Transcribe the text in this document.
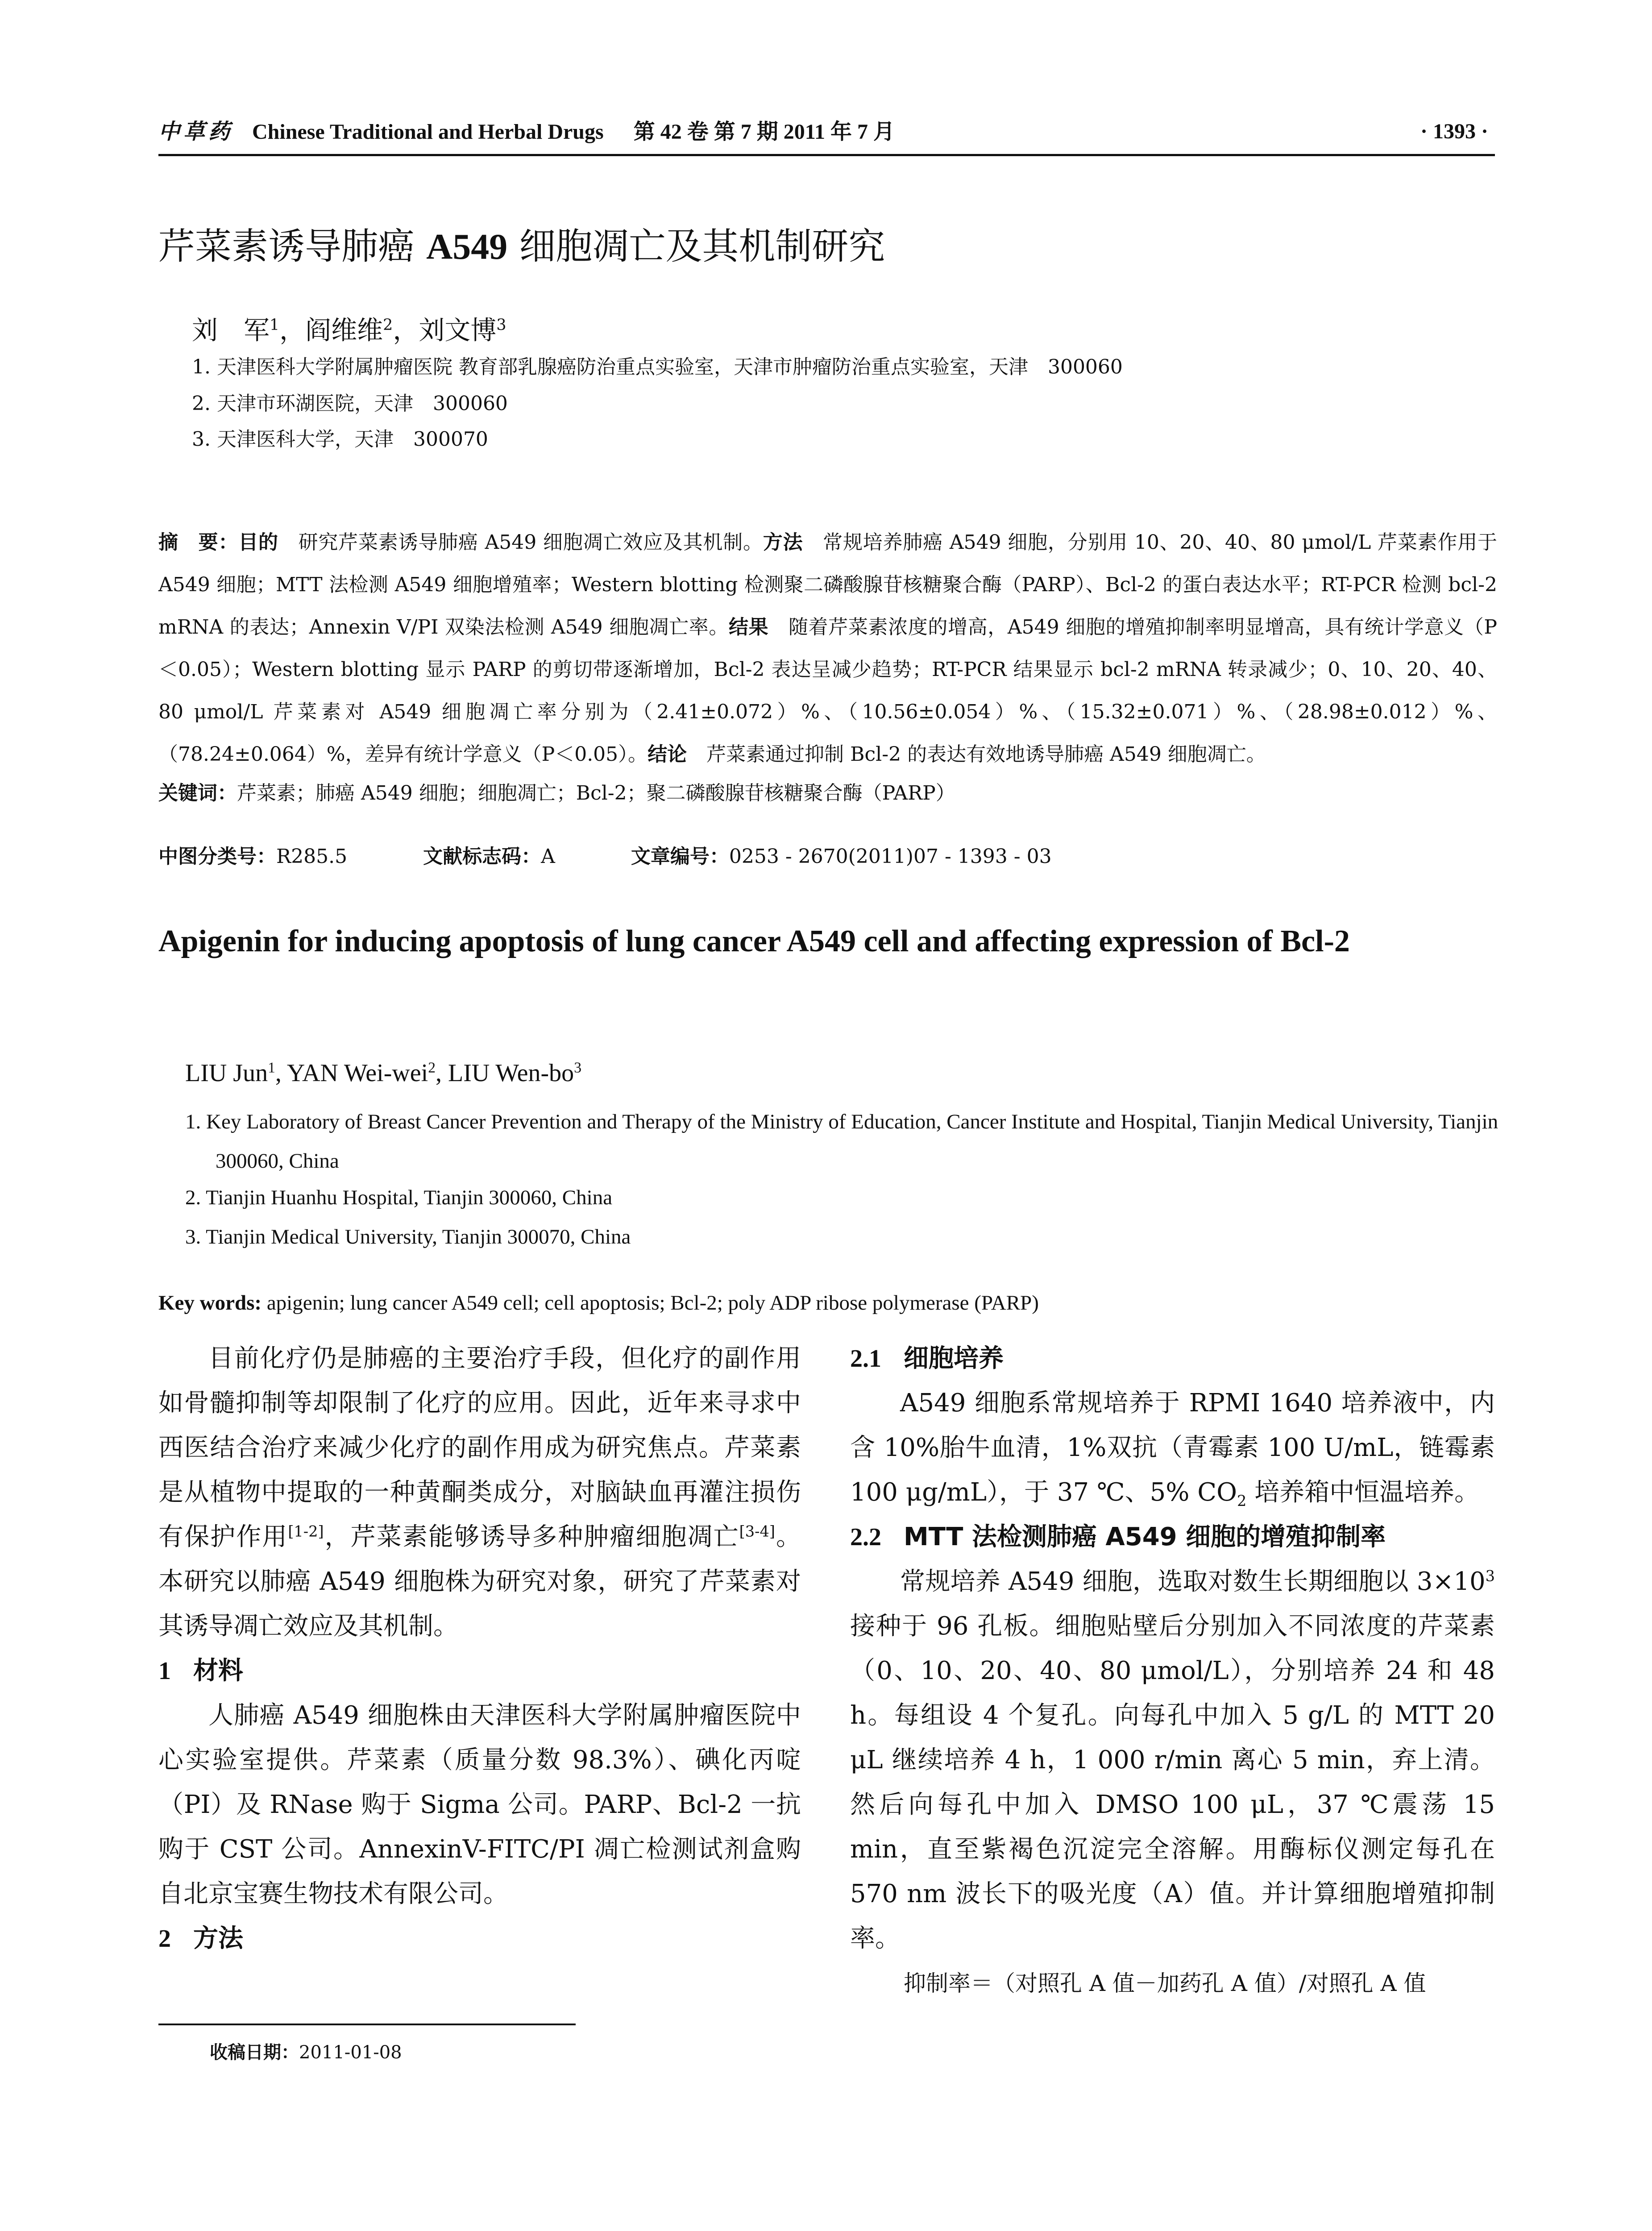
中草药 Chinese Traditional and Herbal Drugs 第 42 卷 第 7 期 2011 年 7 月	· 1393 ·
芹菜素诱导肺癌 A549 细胞凋亡及其机制研究
刘　军$^1$，阎维维$^2$，刘文博$^3$
1. 天津医科大学附属肿瘤医院 教育部乳腺癌防治重点实验室，天津市肿瘤防治重点实验室，天津　300060
2. 天津市环湖医院，天津　300060
3. 天津医科大学，天津　300070

摘　要：目的　研究芹菜素诱导肺癌 A549 细胞凋亡效应及其机制。方法　常规培养肺癌 A549 细胞，分别用 10、20、40、80 μmol/L 芹菜素作用于 A549 细胞；MTT 法检测 A549 细胞增殖率；Western blotting 检测聚二磷酸腺苷核糖聚合酶（PARP）、Bcl-2 的蛋白表达水平；RT-PCR 检测 bcl-2 mRNA 的表达；Annexin V/PI 双染法检测 A549 细胞凋亡率。结果　随着芹菜素浓度的增高，A549 细胞的增殖抑制率明显增高，具有统计学意义（P＜0.05）；Western blotting 显示 PARP 的剪切带逐渐增加，Bcl-2 表达呈减少趋势；RT-PCR 结果显示 bcl-2 mRNA 转录减少；0、10、20、40、80 μmol/L 芹菜素对 A549 细胞凋亡率分别为（2.41±0.072）%、（10.56±0.054）%、（15.32±0.071）%、（28.98±0.012）%、（78.24±0.064）%，差异有统计学意义（P＜0.05）。结论　芹菜素通过抑制 Bcl-2 的表达有效地诱导肺癌 A549 细胞凋亡。

关键词：芹菜素；肺癌 A549 细胞；细胞凋亡；Bcl-2；聚二磷酸腺苷核糖聚合酶（PARP）

中图分类号：R285.5	文献标志码：A	文章编号：0253 - 2670(2011)07 - 1393 - 03
Apigenin for inducing apoptosis of lung cancer A549 cell and affecting expression of Bcl-2
LIU Jun$^1$, YAN Wei-wei$^2$, LIU Wen-$bo^3$
1. Key Laboratory of Breast Cancer Prevention and Therapy of the Ministry of Education, Cancer Institute and Hospital, Tianjin Medical University, Tianjin 300060, China
2. Tianjin Huanhu Hospital, Tianjin 300060, China
3. Tianjin Medical University, Tianjin 300070, China
Key words: apigenin; lung cancer A549 cell; cell apoptosis; Bcl-2; poly ADP ribose polymerase (PARP)

目前化疗仍是肺癌的主要治疗手段，但化疗的副作用如骨髓抑制等却限制了化疗的应用。因此，近年来寻求中西医结合治疗来减少化疗的副作用成为研究焦点。芹菜素是从植物中提取的一种黄酮类成分，对脑缺血再灌注损伤有保护作用[1-2]，芹菜素能够诱导多种肿瘤细胞凋亡[3-4]。本研究以肺癌 A549 细胞株为研究对象，研究了芹菜素对其诱导凋亡效应及其机制。

1 材料

人肺癌 A549 细胞株由天津医科大学附属肿瘤医院中心实验室提供。芹菜素（质量分数 98.3%）、碘化丙啶（PI）及 RNase 购于 Sigma 公司。PARP、Bcl-2 一抗购于 CST 公司。AnnexinV-FITC/PI 凋亡检测试剂盒购自北京宝赛生物技术有限公司。

2 方法

2.1 细胞培养

A549 细胞系常规培养于 RPMI 1640 培养液中，内含 10%胎牛血清，1%双抗（青霉素 100 U/mL，链霉素 100 μg/mL），于 37 ℃、5% $CO_2$ 培养箱中恒温培养。

2.2 MTT 法检测肺癌 A549 细胞的增殖抑制率

常规培养 A549 细胞，选取对数生长期细胞以 $3\times 10^3$ 接种于 96 孔板。细胞贴壁后分别加入不同浓度的芹菜素（0、10、20、40、80 μmol/L），分别培养 24 和 48 h。每组设 4 个复孔。向每孔中加入 5 g/L 的 MTT 20 μL 继续培养 4 h，1 000 r/min 离心 5 min，弃上清。然后向每孔中加入 DMSO 100 μL，37 ℃震荡 15 min，直至紫褐色沉淀完全溶解。用酶标仪测定每孔在 570 nm 波长下的吸光度（A）值。并计算细胞增殖抑制率。

抑制率＝（对照孔 A 值－加药孔 A 值）/对照孔 A 值

收稿日期：2011-01-08
